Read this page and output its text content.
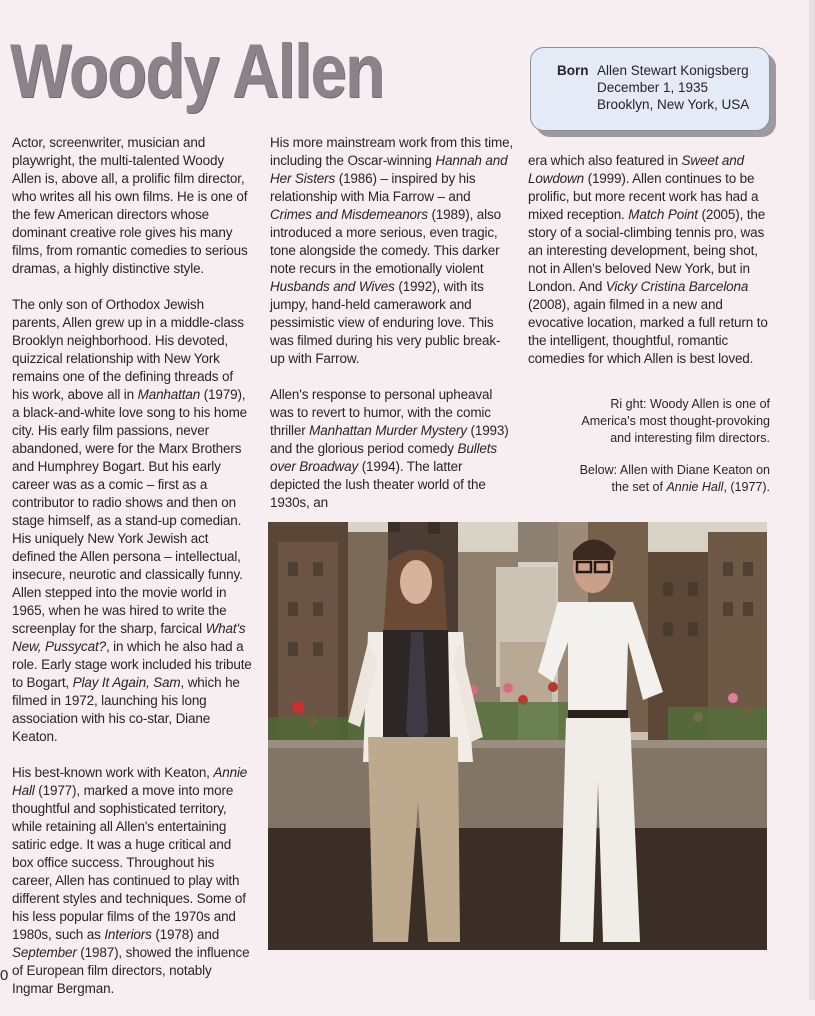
Woody Allen	Born Allen Stewart Konigsberg
December 1, 1935
Brooklyn, New York, USA

Actor, screenwriter, musician and playwright, the multi-talented Woody Allen is, above all, a prolific film director, who writes all his own films. He is one of the few American directors whose dominant creative role gives his many films, from romantic comedies to serious dramas, a highly distinctive style.

The only son of Orthodox Jewish parents, Allen grew up in a middle-class Brooklyn neighborhood. His devoted, quizzical relationship with New York remains one of the defining threads of his work, above all in Manhattan (1979), a black-and-white love song to his home city. His early film passions, never abandoned, were for the Marx Brothers and Humphrey Bogart. But his early career was as a comic – first as a contributor to radio shows and then on stage himself, as a stand-up comedian. His uniquely New York Jewish act defined the Allen persona – intellectual, insecure, neurotic and classically funny. Allen stepped into the movie world in 1965, when he was hired to write the screenplay for the sharp, farcical What's New, Pussycat?, in which he also had a role. Early stage work included his tribute to Bogart, Play It Again, Sam, which he filmed in 1972, launching his long association with his co-star, Diane Keaton.

His best-known work with Keaton, Annie Hall (1977), marked a move into more thoughtful and sophisticated territory, while retaining all Allen's entertaining satiric edge. It was a huge critical and box office success. Throughout his career, Allen has continued to play with different styles and techniques. Some of his less popular films of the 1970s and 1980s, such as Interiors (1978) and September (1987), showed the influence of European film directors, notably Ingmar Bergman.

His more mainstream work from this time, including the Oscar-winning Hannah and Her Sisters (1986) – inspired by his relationship with Mia Farrow – and Crimes and Misdemeanors (1989), also introduced a more serious, even tragic, tone alongside the comedy. This darker note recurs in the emotionally violent Husbands and Wives (1992), with its jumpy, hand-held camerawork and pessimistic view of enduring love. This was filmed during his very public break-up with Farrow.

Allen's response to personal upheaval was to revert to humor, with the comic thriller Manhattan Murder Mystery (1993) and the glorious period comedy Bullets over Broadway (1994). The latter depicted the lush theater world of the 1930s, an

era which also featured in Sweet and Lowdown (1999). Allen continues to be prolific, but more recent work has had a mixed reception. Match Point (2005), the story of a social-climbing tennis pro, was an interesting development, being shot, not in Allen's beloved New York, but in London. And Vicky Cristina Barcelona (2008), again filmed in a new and evocative location, marked a full return to the intelligent, thoughtful, romantic comedies for which Allen is best loved.

Ri ght: Woody Allen is one of America's most thought-provoking and interesting film directors.
Below: Allen with Diane Keaton on the set of Annie Hall, (1977).
0
